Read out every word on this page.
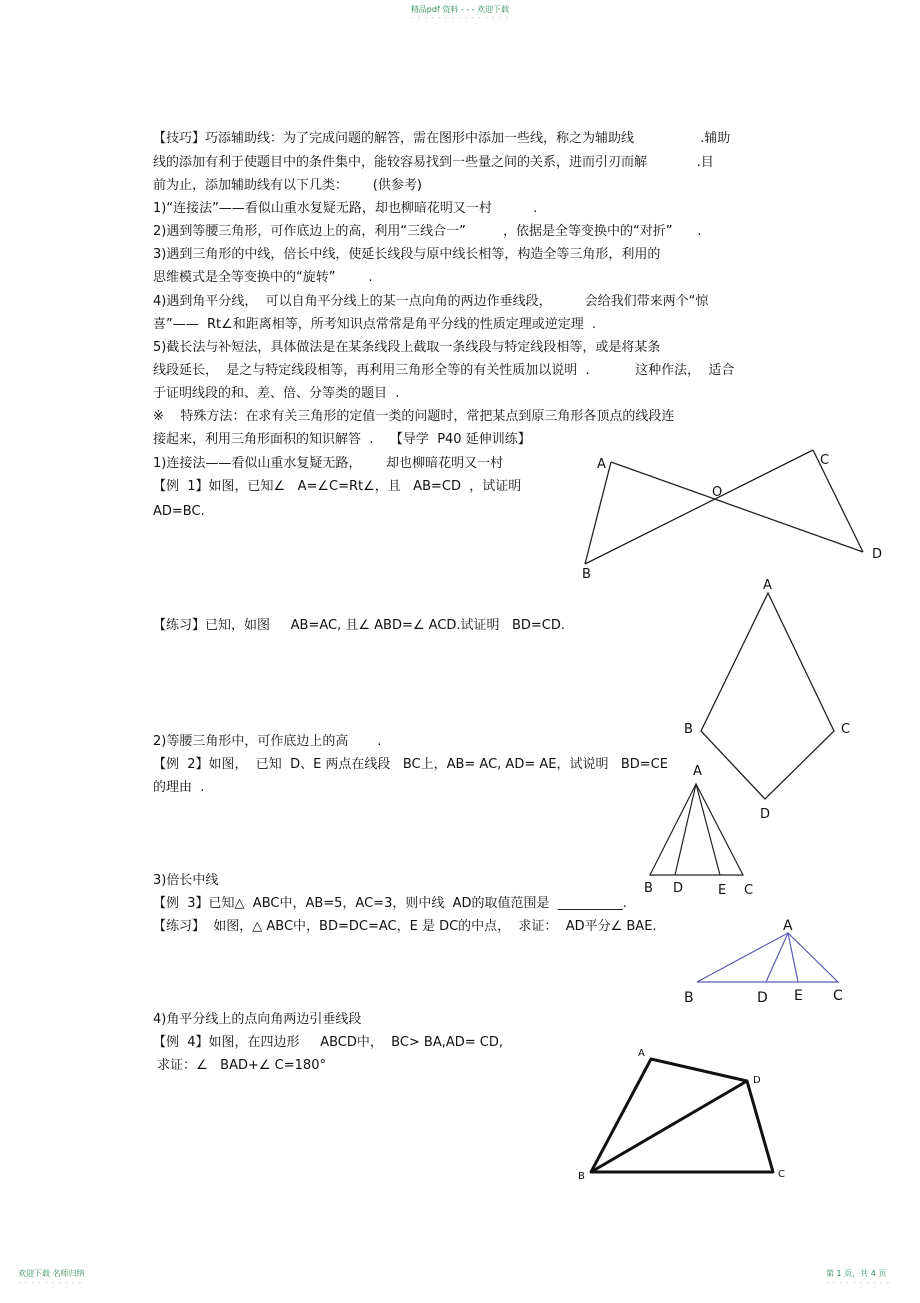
精品pdf 资料 - - - 欢迎下载
- - - - - - - - - - - - - - -
【技巧】巧添辅助线：为了完成问题的解答，需在图形中添加一些线，称之为辅助线                .辅助
线的添加有利于使题目中的条件集中，能较容易找到一些量之间的关系，进而引刃而解            .目
前为止，添加辅助线有以下几类：      (供参考)
1)“连接法”——看似山重水复疑无路，却也柳暗花明又一村          .
2)遇到等腰三角形，可作底边上的高，利用“三线合一”         ，依据是全等变换中的“对折”      .
3)遇到三角形的中线，倍长中线，使延长线段与原中线长相等，构造全等三角形，利用的
思维模式是全等变换中的“旋转”        .
4)遇到角平分线，  可以自角平分线上的某一点向角的两边作垂线段，        会给我们带来两个“惊
喜”——  Rt∠和距离相等，所考知识点常常是角平分线的性质定理或逆定理  .
5)截长法与补短法，具体做法是在某条线段上截取一条线段与特定线段相等，或是将某条
线段延长，  是之与特定线段相等，再利用三角形全等的有关性质加以说明  .           这种作法，  适合
于证明线段的和、差、倍、分等类的题目  .
※    特殊方法：在求有关三角形的定值一类的问题时，常把某点到原三角形各顶点的线段连
接起来，利用三角形面积的知识解答  .    【导学  P40 延伸训练】
1)连接法——看似山重水复疑无路，      却也柳暗花明又一村
【例  1】如图，已知∠   A=∠C=Rt∠，且   AB=CD  ，试证明
AD=BC.
【练习】已知，如图     AB=AC, 且∠ ABD=∠ ACD.试证明   BD=CD.
2)等腰三角形中，可作底边上的高       .
【例  2】如图，  已知  D、E 两点在线段   BC上，AB= AC, AD= AE，试说明   BD=CE
的理由  .
3)倍长中线
【例  3】已知△  ABC中，AB=5，AC=3，则中线  AD的取值范围是  __________.
【练习】  如图，△ ABC中，BD=DC=AC，E 是 DC的中点，  求证：  AD平分∠ BAE.
4)角平分线上的点向角两边引垂线段
【例  4】如图，在四边形     ABCD中，  BC> BA,AD= CD,
求证：∠   BAD+∠ C=180°
A
B
C
D
O
A
B	C
D
A
B D	E C
A
B	D E C
A
B	C
D
欢迎下载 名师归纳
- - - - - - - - - -
第 1 页，共 4 页
- - - - - - - - - -
